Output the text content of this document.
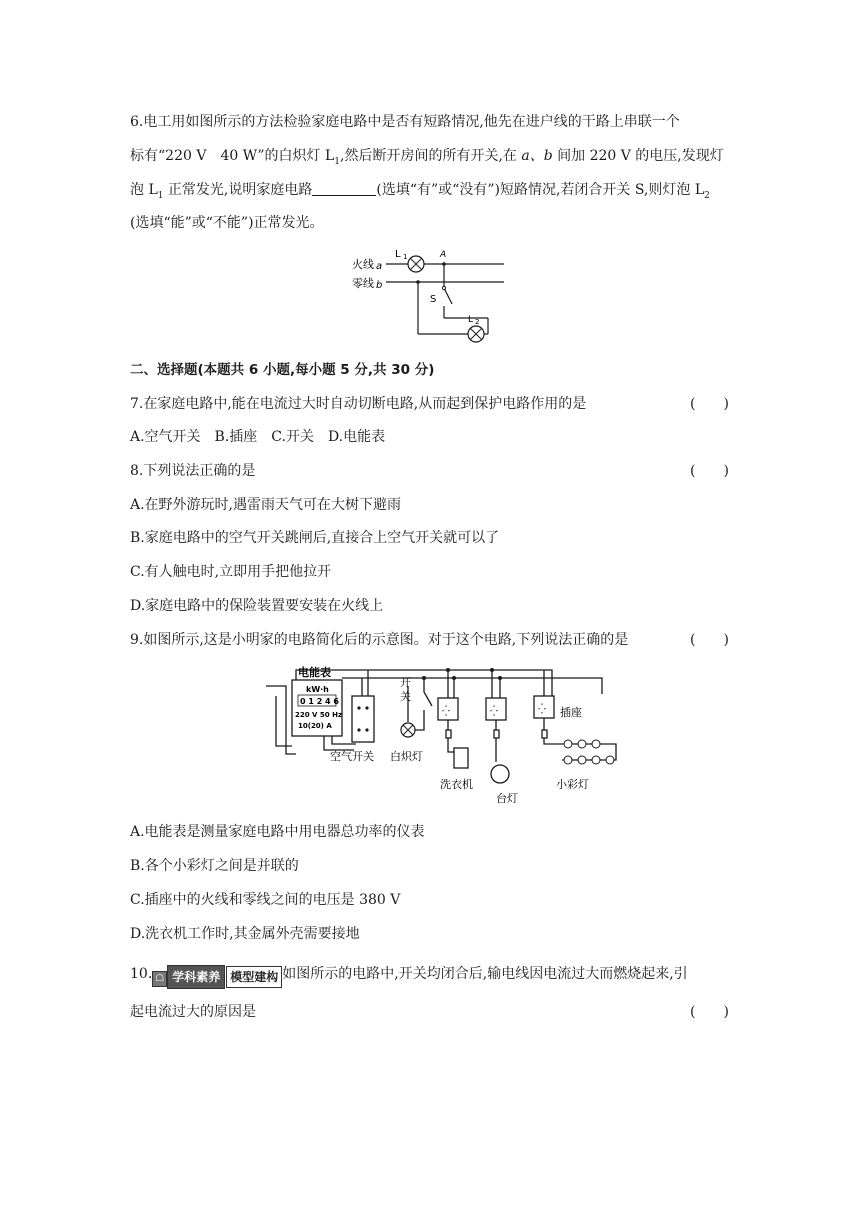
6.电工用如图所示的方法检验家庭电路中是否有短路情况,他先在进户线的干路上串联一个
标有“220 V　40 W”的白炽灯 $L_1$,然后断开房间的所有开关,在 a、b 间加 220 V 的电压,发现灯
泡 $L_1$ 正常发光,说明家庭电路	(选填“有”或“没有”)短路情况,若闭合开关 S,则灯泡 $L_2$
(选填“能”或“不能”)正常发光。
火线 a
零线 b
L 1	A
S
L 2
二、选择题(本题共 6 小题,每小题 5 分,共 30 分)
7.在家庭电路中,能在电流过大时自动切断电路,从而起到保护电路作用的是	(　　)
A.空气开关　B.插座　C.开关　D.电能表
8.下列说法正确的是	(　　)
A.在野外游玩时,遇雷雨天气可在大树下避雨
B.家庭电路中的空气开关跳闸后,直接合上空气开关就可以了
C.有人触电时,立即用手把他拉开
D.家庭电路中的保险装置要安装在火线上
9.如图所示,这是小明家的电路简化后的示意图。对于这个电路,下列说法正确的是	(　　)
电能表
kW·h
0 1 2 4 6
220 V 50 Hz
10(20) A
空气开关
开
关
白炽灯
⁛	⁛	⁛ 插座
洗衣机
台灯
小彩灯
A.电能表是测量家庭电路中用电器总功率的仪表
B.各个小彩灯之间是并联的
C.插座中的火线和零线之间的电压是 380 V
D.洗衣机工作时,其金属外壳需要接地
10. ☖ 学科素养 模型建构 如图所示的电路中,开关均闭合后,输电线因电流过大而燃烧起来,引
起电流过大的原因是	(　　)
